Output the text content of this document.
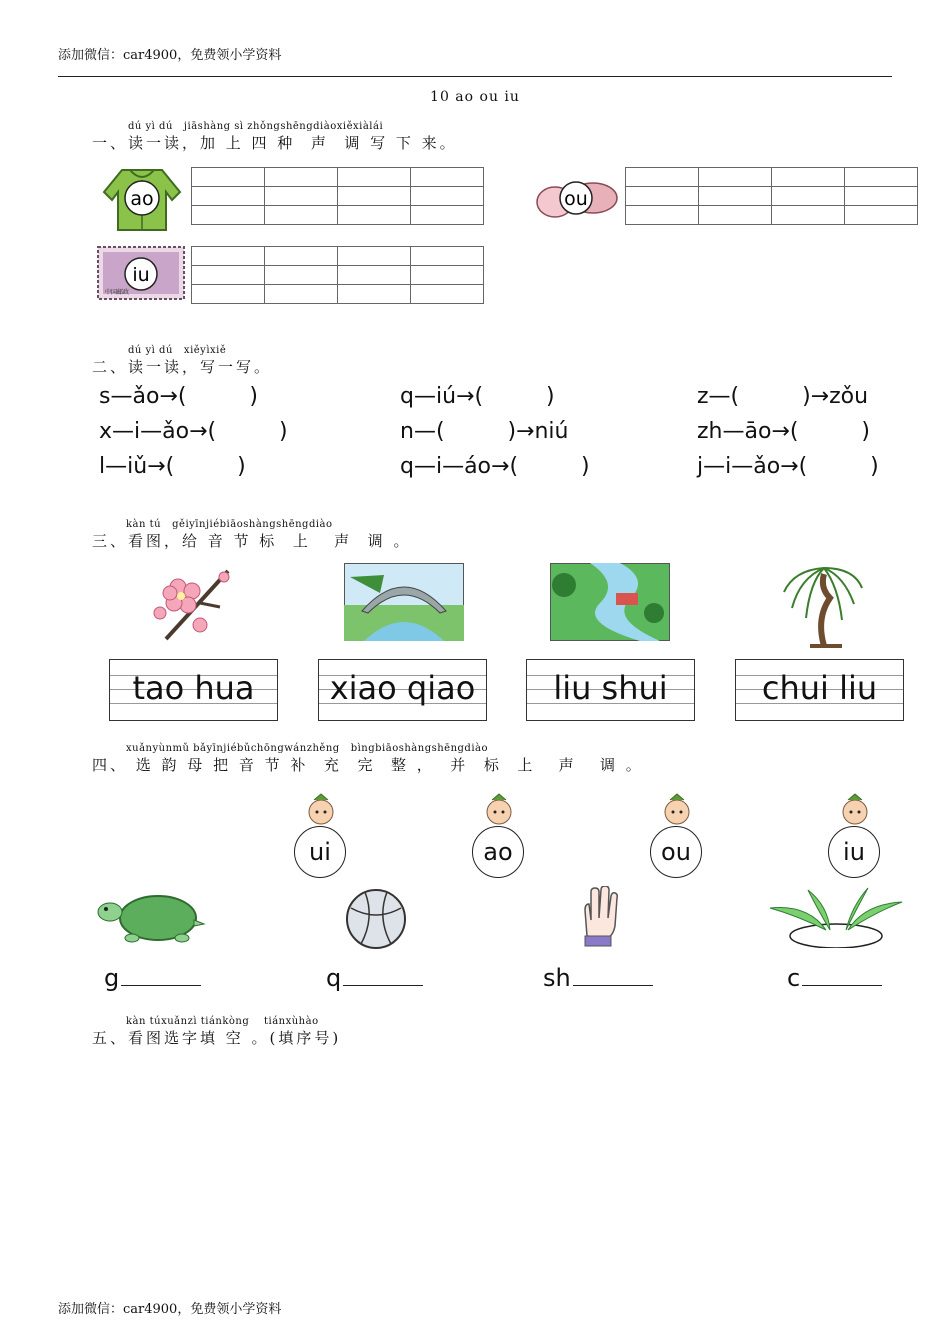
添加微信：car4900，免费领小学资料
10 ao ou iu
dú yì dú   jiāshàng sì zhǒngshēngdiàoxiěxiàlái
一、读一读，加 上 四 种  声  调 写 下 来。
ao

				ou

iu
中国邮政

dú yì dú   xiěyìxiě
二、读一读，写一写。
s—ǎo→(         )	q—iú→(         )	z—(         )→zǒu
x—i—ǎo→(         )	n—(         )→niú	zh—āo→(         )
l—iǔ→(         )	q—i—áo→(         )	j—i—ǎo→(         )
kàn tú   gěiyīnjiébiāoshàngshēngdiào
三、看图，给 音 节 标  上   声  调 。
tao hua	xiao qiao	liu shui	chui liu
xuǎnyùnmǔ bǎyīnjiébǔchōngwánzhěng   bìngbiāoshàngshēngdiào
四、 选 韵 母 把 音 节 补  充  完  整 ，  并  标  上   声   调 。
ui	ao	ou	iu
g	q	sh	c
kàn túxuǎnzì tiánkòng    tiánxùhào
五、看图选字填 空 。(填序号)
添加微信：car4900，免费领小学资料
